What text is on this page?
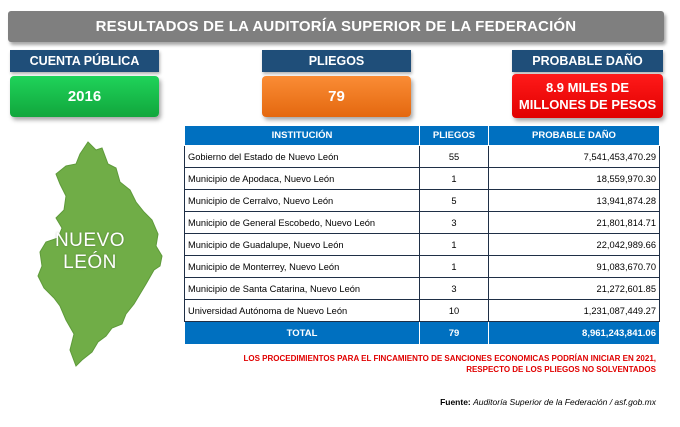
RESULTADOS DE LA AUDITORÍA SUPERIOR DE LA FEDERACIÓN
CUENTA PÚBLICA
2016
PLIEGOS
79
PROBABLE DAÑO
8.9 MILES DE
MILLONES DE PESOS
NUEVO
LEÓN
INSTITUCIÓN	PLIEGOS	PROBABLE DAÑO
Gobierno del Estado de Nuevo León	55	7,541,453,470.29
Municipio de Apodaca, Nuevo León	1	18,559,970.30
Municipio de Cerralvo, Nuevo León	5	13,941,874.28
Municipio de General Escobedo, Nuevo León	3	21,801,814.71
Municipio de Guadalupe, Nuevo León	1	22,042,989.66
Municipio de Monterrey, Nuevo León	1	91,083,670.70
Municipio de Santa Catarina, Nuevo León	3	21,272,601.85
Universidad Autónoma de Nuevo León	10	1,231,087,449.27
TOTAL	79	8,961,243,841.06
LOS PROCEDIMIENTOS PARA EL FINCAMIENTO DE SANCIONES ECONOMICAS PODRÍAN INICIAR EN 2021,
RESPECTO DE LOS PLIEGOS NO SOLVENTADOS
Fuente: Auditoría Superior de la Federación / asf.gob.mx
